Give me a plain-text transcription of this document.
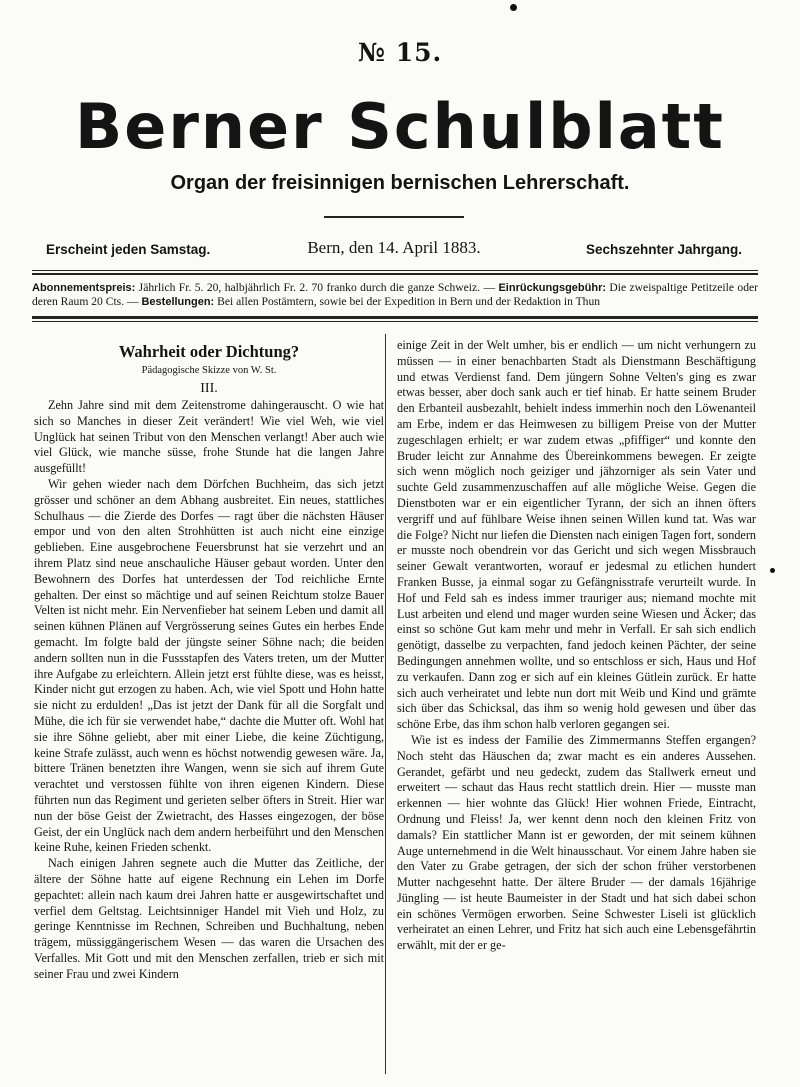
№ 15.
Berner Schulblatt
Organ der freisinnigen bernischen Lehrerschaft.
Erscheint jeden Samstag.	Bern, den 14. April 1883.	Sechszehnter Jahrgang.
Abonnementspreis: Jährlich Fr. 5. 20, halbjährlich Fr. 2. 70 franko durch die ganze Schweiz. — Einrückungsgebühr: Die zweispaltige Petitzeile oder deren Raum 20 Cts. — Bestellungen: Bei allen Postämtern, sowie bei der Expedition in Bern und der Redaktion in Thun
Wahrheit oder Dichtung?
Pädagogische Skizze von W. St.
III.

Zehn Jahre sind mit dem Zeitenstrome dahingerauscht. O wie hat sich so Manches in dieser Zeit verändert! Wie viel Weh, wie viel Unglück hat seinen Tribut von den Menschen verlangt! Aber auch wie viel Glück, wie manche süsse, frohe Stunde hat die langen Jahre ausgefüllt!

Wir gehen wieder nach dem Dörfchen Buchheim, das sich jetzt grösser und schöner an dem Abhang ausbreitet. Ein neues, stattliches Schulhaus — die Zierde des Dorfes — ragt über die nächsten Häuser empor und von den alten Strohhütten ist auch nicht eine einzige geblieben. Eine ausgebrochene Feuersbrunst hat sie verzehrt und an ihrem Platz sind neue anschauliche Häuser gebaut worden. Unter den Bewohnern des Dorfes hat unterdessen der Tod reichliche Ernte gehalten. Der einst so mächtige und auf seinen Reichtum stolze Bauer Velten ist nicht mehr. Ein Nervenfieber hat seinem Leben und damit all seinen kühnen Plänen auf Vergrösserung seines Gutes ein herbes Ende gemacht. Im folgte bald der jüngste seiner Söhne nach; die beiden andern sollten nun in die Fussstapfen des Vaters treten, um der Mutter ihre Aufgabe zu erleichtern. Allein jetzt erst fühlte diese, was es heisst, Kinder nicht gut erzogen zu haben. Ach, wie viel Spott und Hohn hatte sie nicht zu erdulden! „Das ist jetzt der Dank für all die Sorgfalt und Mühe, die ich für sie verwendet habe,“ dachte die Mutter oft. Wohl hat sie ihre Söhne geliebt, aber mit einer Liebe, die keine Züchtigung, keine Strafe zulässt, auch wenn es höchst notwendig gewesen wäre. Ja, bittere Tränen benetzten ihre Wangen, wenn sie sich auf ihrem Gute verachtet und verstossen fühlte von ihren eigenen Kindern. Diese führten nun das Regiment und gerieten selber öfters in Streit. Hier war nun der böse Geist der Zwietracht, des Hasses eingezogen, der böse Geist, der ein Unglück nach dem andern herbeiführt und den Menschen keine Ruhe, keinen Frieden schenkt.

Nach einigen Jahren segnete auch die Mutter das Zeitliche, der ältere der Söhne hatte auf eigene Rechnung ein Lehen im Dorfe gepachtet: allein nach kaum drei Jahren hatte er ausgewirtschaftet und verfiel dem Geltstag. Leichtsinniger Handel mit Vieh und Holz, zu geringe Kenntnisse im Rechnen, Schreiben und Buchhaltung, neben trägem, müssiggängerischem Wesen — das waren die Ursachen des Verfalles. Mit Gott und mit den Menschen zerfallen, trieb er sich mit seiner Frau und zwei Kindern

einige Zeit in der Welt umher, bis er endlich — um nicht verhungern zu müssen — in einer benachbarten Stadt als Dienstmann Beschäftigung und etwas Verdienst fand. Dem jüngern Sohne Velten's ging es zwar etwas besser, aber doch sank auch er tief hinab. Er hatte seinem Bruder den Erbanteil ausbezahlt, behielt indess immerhin noch den Löwenanteil am Erbe, indem er das Heimwesen zu billigem Preise von der Mutter zugeschlagen erhielt; er war zudem etwas „pfiffiger“ und konnte den Bruder leicht zur Annahme des Übereinkommens bewegen. Er zeigte sich wenn möglich noch geiziger und jähzorniger als sein Vater und suchte Geld zusammenzuschaffen auf alle mögliche Weise. Gegen die Dienstboten war er ein eigentlicher Tyrann, der sich an ihnen öfters vergriff und auf fühlbare Weise ihnen seinen Willen kund tat. Was war die Folge? Nicht nur liefen die Diensten nach einigen Tagen fort, sondern er musste noch obendrein vor das Gericht und sich wegen Missbrauch seiner Gewalt verantworten, worauf er jedesmal zu etlichen hundert Franken Busse, ja einmal sogar zu Gefängnisstrafe verurteilt wurde. In Hof und Feld sah es indess immer trauriger aus; niemand mochte mit Lust arbeiten und elend und mager wurden seine Wiesen und Äcker; das einst so schöne Gut kam mehr und mehr in Verfall. Er sah sich endlich genötigt, dasselbe zu verpachten, fand jedoch keinen Pächter, der seine Bedingungen annehmen wollte, und so entschloss er sich, Haus und Hof zu verkaufen. Dann zog er sich auf ein kleines Gütlein zurück. Er hatte sich auch verheiratet und lebte nun dort mit Weib und Kind und grämte sich über das Schicksal, das ihm so wenig hold gewesen und über das schöne Erbe, das ihm schon halb verloren gegangen sei.

Wie ist es indess der Familie des Zimmermanns Steffen ergangen? Noch steht das Häuschen da; zwar macht es ein anderes Aussehen. Gerandet, gefärbt und neu gedeckt, zudem das Stallwerk erneut und erweitert — schaut das Haus recht stattlich drein. Hier — musste man erkennen — hier wohnte das Glück! Hier wohnen Friede, Eintracht, Ordnung und Fleiss! Ja, wer kennt denn noch den kleinen Fritz von damals? Ein stattlicher Mann ist er geworden, der mit seinem kühnen Auge unternehmend in die Welt hinausschaut. Vor einem Jahre haben sie den Vater zu Grabe getragen, der sich der schon früher verstorbenen Mutter nachgesehnt hatte. Der ältere Bruder — der damals 16jährige Jüngling — ist heute Baumeister in der Stadt und hat sich dabei schon ein schönes Vermögen erworben. Seine Schwester Liseli ist glücklich verheiratet an einen Lehrer, und Fritz hat sich auch eine Lebensgefährtin erwählt, mit der er ge-
